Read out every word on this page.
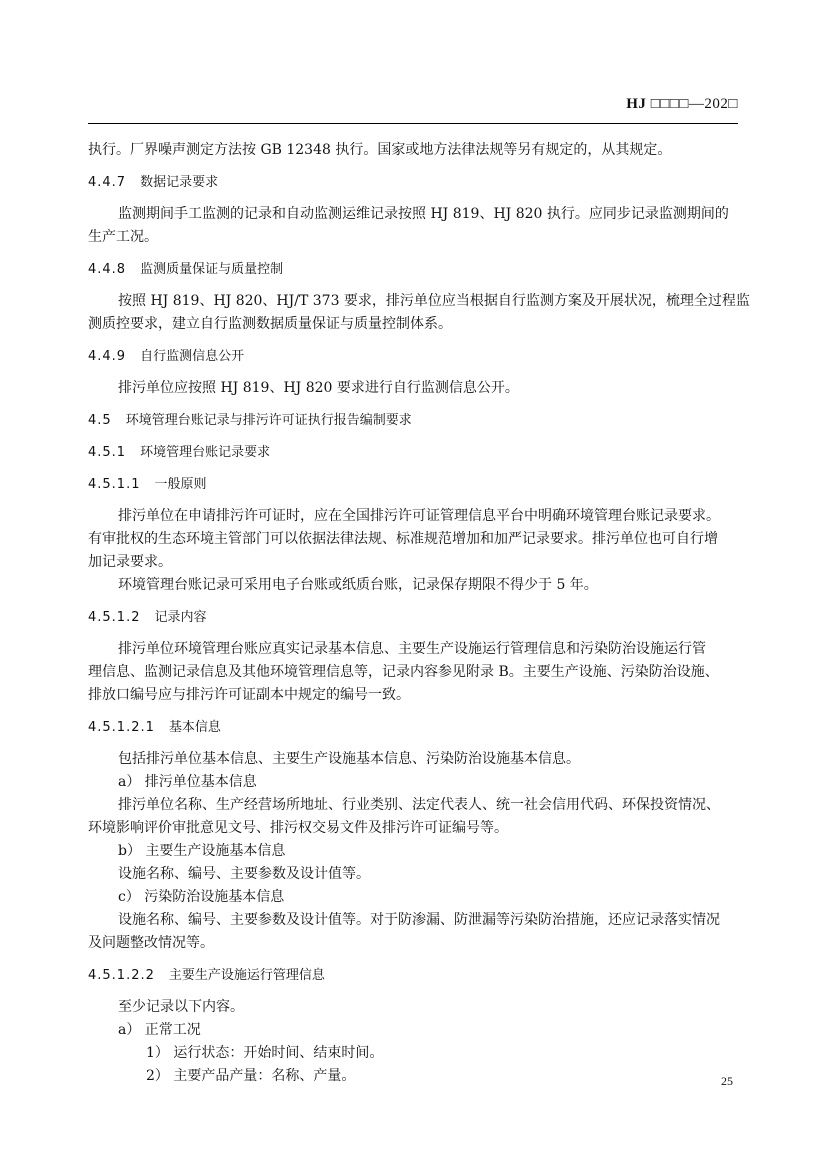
HJ □□□□—202□
执行。厂界噪声测定方法按 GB 12348 执行。国家或地方法律法规等另有规定的，从其规定。
4.4.7 数据记录要求
监测期间手工监测的记录和自动监测运维记录按照 HJ 819、HJ 820 执行。应同步记录监测期间的
生产工况。
4.4.8 监测质量保证与质量控制
按照 HJ 819、HJ 820、HJ/T 373 要求，排污单位应当根据自行监测方案及开展状况，梳理全过程监
测质控要求，建立自行监测数据质量保证与质量控制体系。
4.4.9 自行监测信息公开
排污单位应按照 HJ 819、HJ 820 要求进行自行监测信息公开。
4.5 环境管理台账记录与排污许可证执行报告编制要求
4.5.1 环境管理台账记录要求
4.5.1.1 一般原则
排污单位在申请排污许可证时，应在全国排污许可证管理信息平台中明确环境管理台账记录要求。
有审批权的生态环境主管部门可以依据法律法规、标准规范增加和加严记录要求。排污单位也可自行增
加记录要求。
环境管理台账记录可采用电子台账或纸质台账，记录保存期限不得少于 5 年。
4.5.1.2 记录内容
排污单位环境管理台账应真实记录基本信息、主要生产设施运行管理信息和污染防治设施运行管
理信息、监测记录信息及其他环境管理信息等，记录内容参见附录 B。主要生产设施、污染防治设施、
排放口编号应与排污许可证副本中规定的编号一致。
4.5.1.2.1 基本信息
包括排污单位基本信息、主要生产设施基本信息、污染防治设施基本信息。
a） 排污单位基本信息
排污单位名称、生产经营场所地址、行业类别、法定代表人、统一社会信用代码、环保投资情况、
环境影响评价审批意见文号、排污权交易文件及排污许可证编号等。
b） 主要生产设施基本信息
设施名称、编号、主要参数及设计值等。
c） 污染防治设施基本信息
设施名称、编号、主要参数及设计值等。对于防渗漏、防泄漏等污染防治措施，还应记录落实情况
及问题整改情况等。
4.5.1.2.2 主要生产设施运行管理信息
至少记录以下内容。
a） 正常工况
1） 运行状态：开始时间、结束时间。
2） 主要产品产量：名称、产量。	25
